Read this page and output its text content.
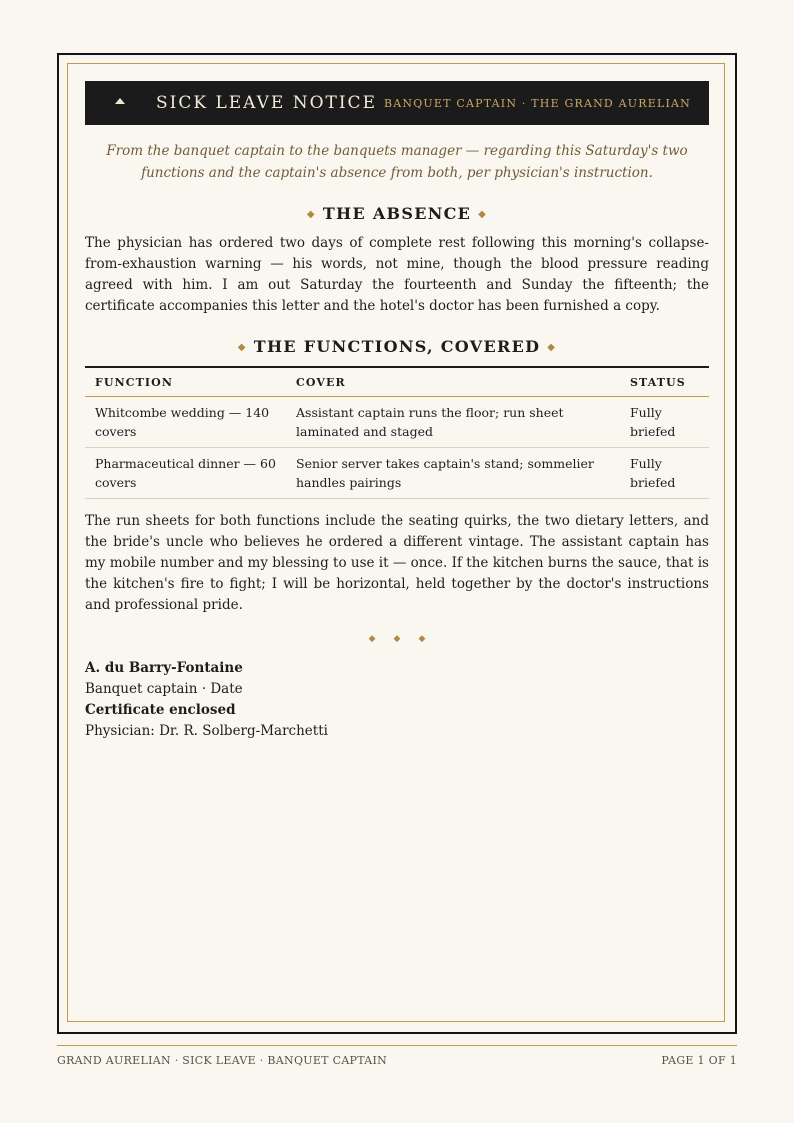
SICK LEAVE NOTICE BANQUET CAPTAIN · THE GRAND AURELIAN

From the banquet captain to the banquets manager — regarding this Saturday's two functions and the captain's absence from both, per physician's instruction.

◆ THE ABSENCE ◆

The physician has ordered two days of complete rest following this morning's collapse-from-exhaustion warning — his words, not mine, though the blood pressure reading agreed with him. I am out Saturday the fourteenth and Sunday the fifteenth; the certificate accompanies this letter and the hotel's doctor has been furnished a copy.

◆ THE FUNCTIONS, COVERED ◆
FUNCTION	COVER	STATUS
Whitcombe wedding — 140 covers	Assistant captain runs the floor; run sheet laminated and staged	Fully briefed
Pharmaceutical dinner — 60 covers	Senior server takes captain's stand; sommelier handles pairings	Fully briefed

The run sheets for both functions include the seating quirks, the two dietary letters, and the bride's uncle who believes he ordered a different vintage. The assistant captain has my mobile number and my blessing to use it — once. If the kitchen burns the sauce, that is the kitchen's fire to fight; I will be horizontal, held together by the doctor's instructions and professional pride.

◆ ◆ ◆

A. du Barry-Fontaine

Banquet captain · Date

Certificate enclosed

Physician: Dr. R. Solberg-Marchetti

GRAND AURELIAN · SICK LEAVE · BANQUET CAPTAIN	PAGE 1 OF 1
